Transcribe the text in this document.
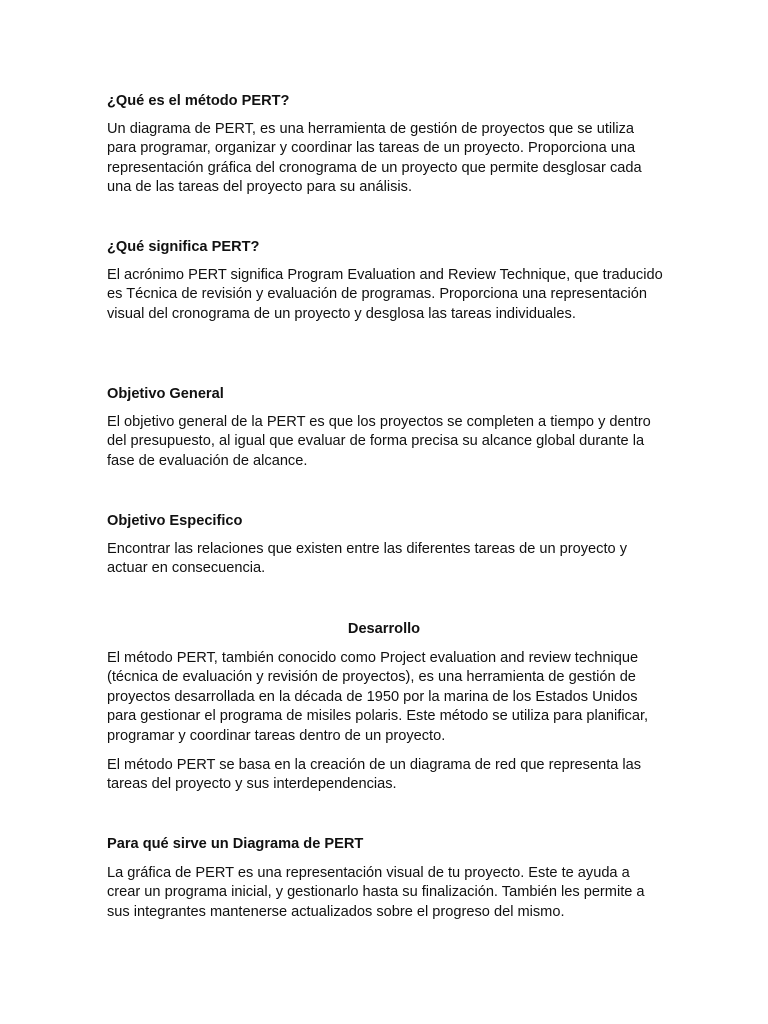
¿Qué es el método PERT?

Un diagrama de PERT, es una herramienta de gestión de proyectos que se utiliza para programar, organizar y coordinar las tareas de un proyecto. Proporciona una representación gráfica del cronograma de un proyecto que permite desglosar cada una de las tareas del proyecto para su análisis.

¿Qué significa PERT?

El acrónimo PERT significa Program Evaluation and Review Technique, que traducido es Técnica de revisión y evaluación de programas. Proporciona una representación visual del cronograma de un proyecto y desglosa las tareas individuales.

Objetivo General

El objetivo general de la PERT es que los proyectos se completen a tiempo y dentro del presupuesto, al igual que evaluar de forma precisa su alcance global durante la fase de evaluación de alcance.

Objetivo Especifico

Encontrar las relaciones que existen entre las diferentes tareas de un proyecto y actuar en consecuencia.

Desarrollo

El método PERT, también conocido como Project evaluation and review technique (técnica de evaluación y revisión de proyectos), es una herramienta de gestión de proyectos desarrollada en la década de 1950 por la marina de los Estados Unidos para gestionar el programa de misiles polaris. Este método se utiliza para planificar, programar y coordinar tareas dentro de un proyecto.

El método PERT se basa en la creación de un diagrama de red que representa las tareas del proyecto y sus interdependencias.

Para qué sirve un Diagrama de PERT

La gráfica de PERT es una representación visual de tu proyecto. Este te ayuda a crear un programa inicial, y gestionarlo hasta su finalización. También les permite a sus integrantes mantenerse actualizados sobre el progreso del mismo.
